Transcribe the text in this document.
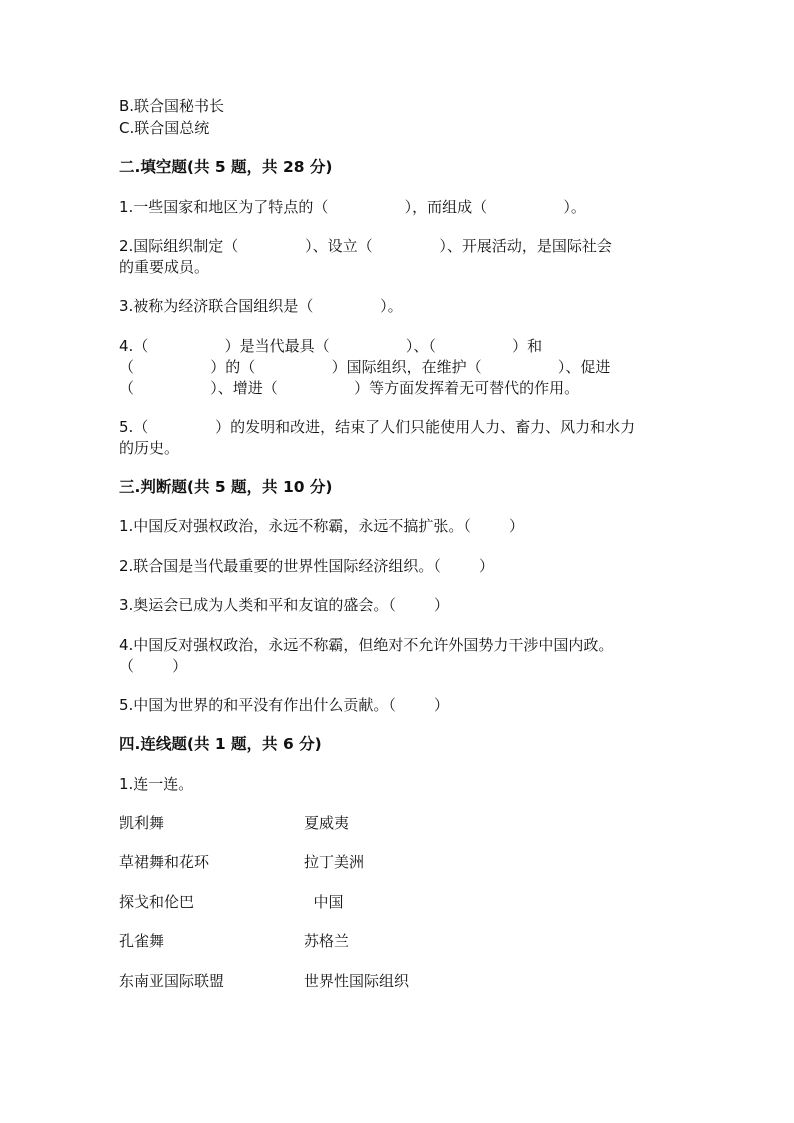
B.联合国秘书长
C.联合国总统
二.填空题(共 5 题，共 28 分)
1.一些国家和地区为了特点的（                ），而组成（                ）。
2.国际组织制定（              ）、设立（              ）、开展活动，是国际社会
的重要成员。
3.被称为经济联合国组织是（              ）。
4.（                ）是当代最具（                ）、（                ）和
（                ）的（                ）国际组织，在维护（                ）、促进
（                ）、增进（                ）等方面发挥着无可替代的作用。
5.（              ）的发明和改进，结束了人们只能使用人力、畜力、风力和水力
的历史。
三.判断题(共 5 题，共 10 分)
1.中国反对强权政治，永远不称霸，永远不搞扩张。（        ）
2.联合国是当代最重要的世界性国际经济组织。（        ）
3.奥运会已成为人类和平和友谊的盛会。（        ）
4.中国反对强权政治，永远不称霸，但绝对不允许外国势力干涉中国内政。
（        ）
5.中国为世界的和平没有作出什么贡献。（        ）
四.连线题(共 1 题，共 6 分)
1.连一连。
凯利舞	夏威夷
草裙舞和花环	拉丁美洲
探戈和伦巴	中国
孔雀舞	苏格兰
东南亚国际联盟	世界性国际组织
